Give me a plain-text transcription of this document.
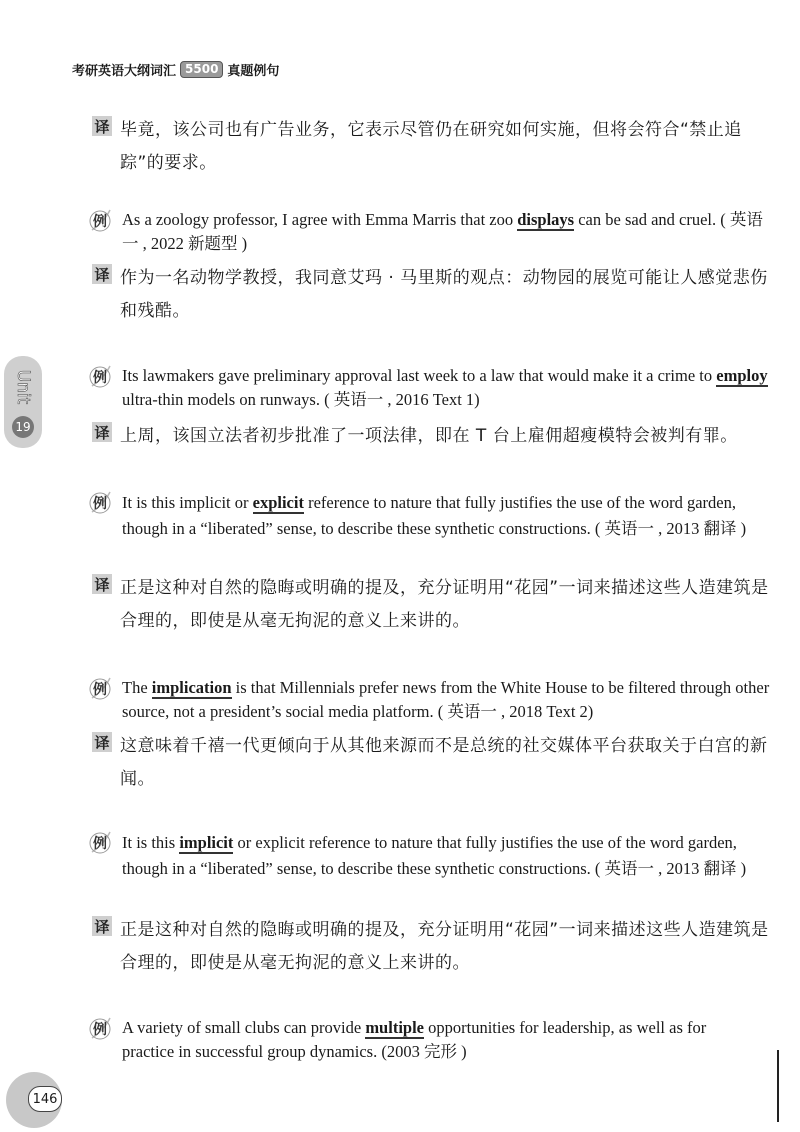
考研英语大纲词汇 5500 真题例句
Unit
19
译 毕竟，该公司也有广告业务，它表示尽管仍在研究如何实施，但将会符合“禁止追踪”的要求。
例 As a zoology professor, I agree with Emma Marris that zoo displays can be sad and cruel. ( 英语一 , 2022 新题型 )
译 作为一名动物学教授，我同意艾玛 · 马里斯的观点：动物园的展览可能让人感觉悲伤和残酷。
例 Its lawmakers gave preliminary approval last week to a law that would make it a crime to employ ultra-thin models on runways. ( 英语一 , 2016 Text 1)
译 上周，该国立法者初步批准了一项法律，即在 T 台上雇佣超瘦模特会被判有罪。
例 It is this implicit or explicit reference to nature that fully justifies the use of the word garden, though in a “liberated” sense, to describe these synthetic constructions. ( 英语一 , 2013 翻译 )
译 正是这种对自然的隐晦或明确的提及，充分证明用“花园”一词来描述这些人造建筑是合理的，即使是从毫无拘泥的意义上来讲的。
例 The implication is that Millennials prefer news from the White House to be filtered through other source, not a president’s social media platform. ( 英语一 , 2018 Text 2)
译 这意味着千禧一代更倾向于从其他来源而不是总统的社交媒体平台获取关于白宫的新闻。
例 It is this implicit or explicit reference to nature that fully justifies the use of the word garden, though in a “liberated” sense, to describe these synthetic constructions. ( 英语一 , 2013 翻译 )
译 正是这种对自然的隐晦或明确的提及，充分证明用“花园”一词来描述这些人造建筑是合理的，即使是从毫无拘泥的意义上来讲的。
例 A variety of small clubs can provide multiple opportunities for leadership, as well as for practice in successful group dynamics. (2003 完形 )
146
